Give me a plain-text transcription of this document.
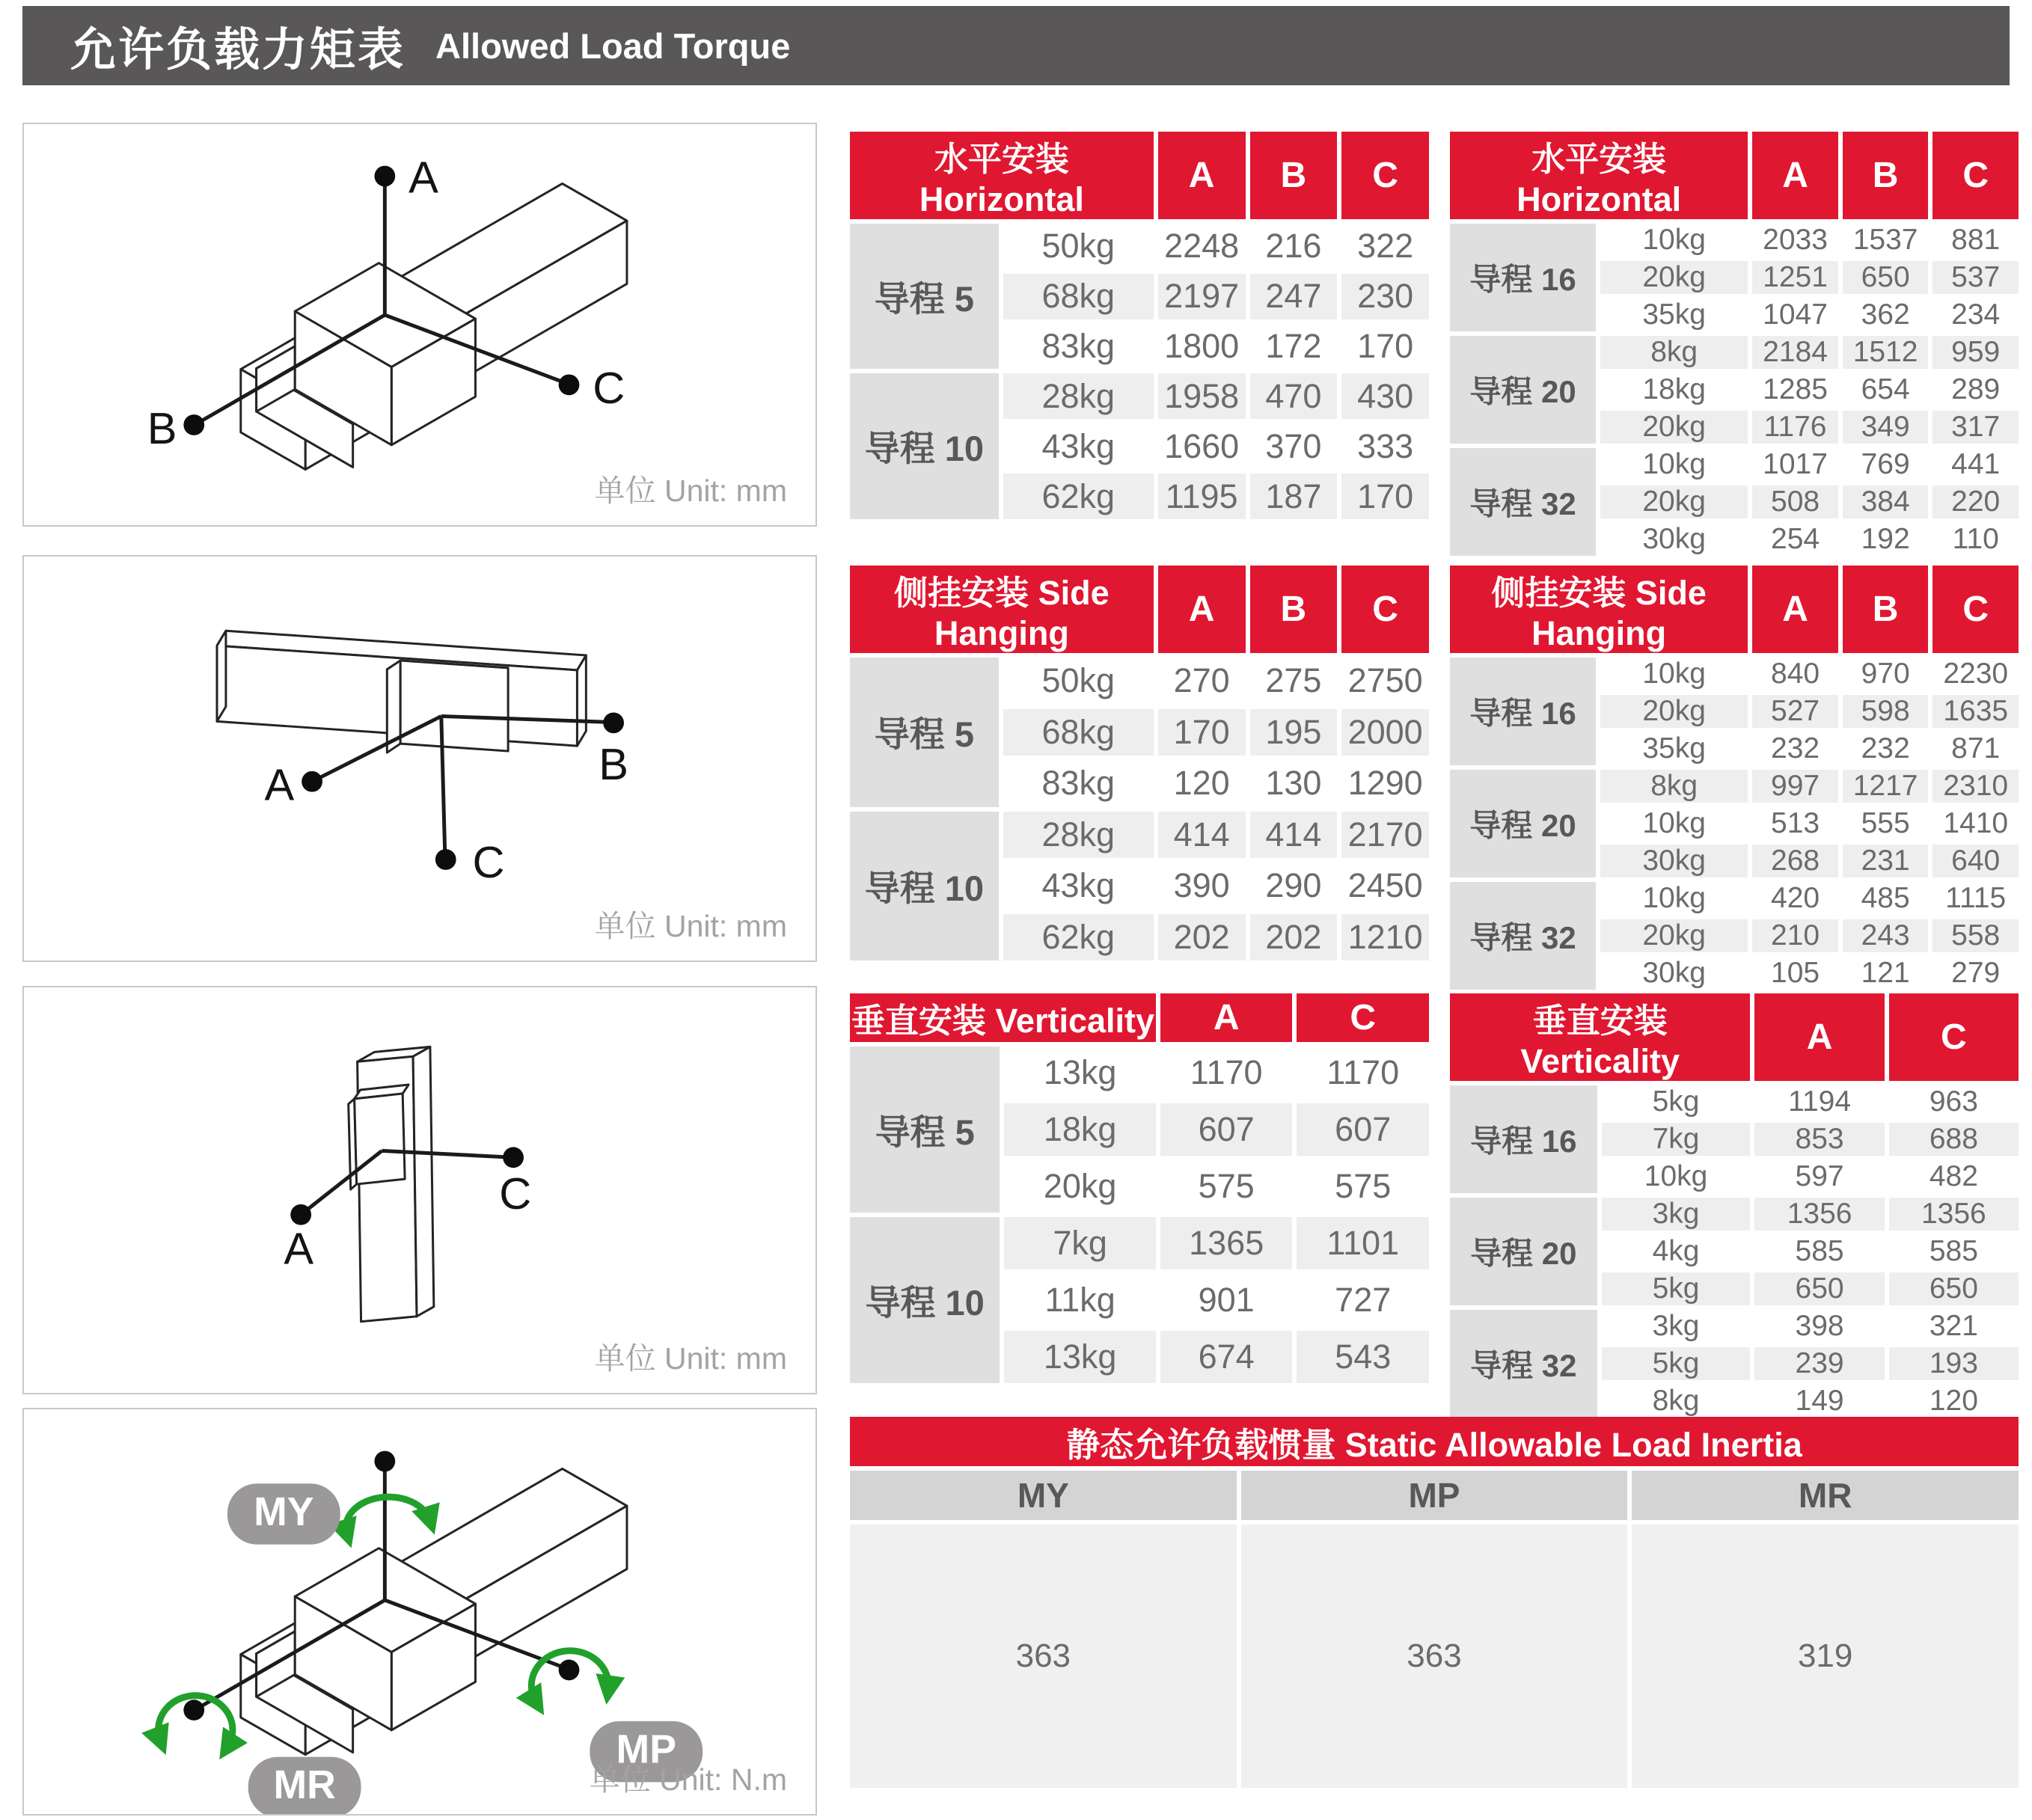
允许负载力矩表 Allowed Load Torque
A
B
C
单位 Unit: mm
A	B
C
单位 Unit: mm
A
C
单位 Unit: mm
MY
MP
MR	单位 Unit: N.m
水平安装 Horizontal		A	B	C
导程 5	50kg	2248	216	322
	68kg	2197	247	230
	83kg	1800	172	170
导程 10	28kg	1958	470	430
	43kg	1660	370	333
	62kg	1195	187	170
水平安装 Horizontal		A	B	C
导程 16	10kg	2033	1537	881
	20kg	1251	650	537
	35kg	1047	362	234
导程 20	8kg	2184	1512	959
	18kg	1285	654	289
	20kg	1176	349	317
导程 32	10kg	1017	769	441
	20kg	508	384	220
	30kg	254	192	110
侧挂安装 Side Hanging		A	B	C
导程 5	50kg	270	275	2750
	68kg	170	195	2000
	83kg	120	130	1290
导程 10	28kg	414	414	2170
	43kg	390	290	2450
	62kg	202	202	1210
侧挂安装 Side Hanging		A	B	C
导程 16	10kg	840	970	2230
	20kg	527	598	1635
	35kg	232	232	871
导程 20	8kg	997	1217	2310
	10kg	513	555	1410
	30kg	268	231	640
导程 32	10kg	420	485	1115
	20kg	210	243	558
	30kg	105	121	279
垂直安装 Verticality		A	C
导程 5	13kg	1170	1170
	18kg	607	607
	20kg	575	575
导程 10	7kg	1365	1101
	11kg	901	727
	13kg	674	543
垂直安装 Verticality		A	C
导程 16	5kg	1194	963
	7kg	853	688
	10kg	597	482
导程 20	3kg	1356	1356
	4kg	585	585
	5kg	650	650
导程 32	3kg	398	321
	5kg	239	193
	8kg	149	120
静态允许负载惯量 Static Allowable Load Inertia		
MY	MP	MR
363	363	319
